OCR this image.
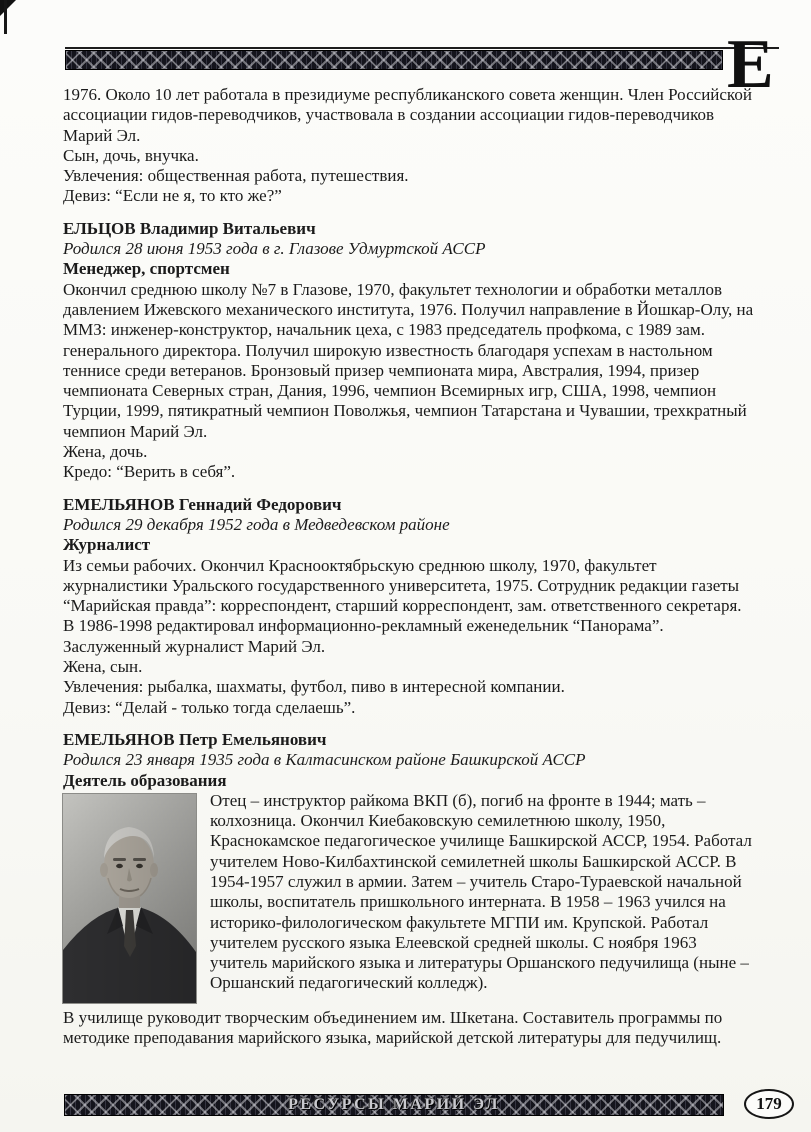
Е

1976. Около 10 лет работала в президиуме республиканского совета женщин. Член Российской ассоциации гидов-переводчиков, участвовала в создании ассоциации гидов-переводчиков Марий Эл.

Сын, дочь, внучка.

Увлечения: общественная работа, путешествия.

Девиз: “Если не я, то кто же?”

ЕЛЬЦОВ Владимир Витальевич

Родился 28 июня 1953 года в г. Глазове Удмуртской АССР

Менеджер, спортсмен

Окончил среднюю школу №7 в Глазове, 1970, факультет технологии и обработки металлов давлением Ижевского механического института, 1976. Получил направление в Йошкар-Олу, на ММЗ: инженер-конструктор, начальник цеха, с 1983 председатель профкома, с 1989 зам. генерального директора. Получил широкую известность благодаря успехам в настольном теннисе среди ветеранов. Бронзовый призер чемпионата мира, Австралия, 1994, призер чемпионата Северных стран, Дания, 1996, чемпион Всемирных игр, США, 1998, чемпион Турции, 1999, пятикратный чемпион Поволжья, чемпион Татарстана и Чувашии, трехкратный чемпион Марий Эл.

Жена, дочь.

Кредо: “Верить в себя”.

ЕМЕЛЬЯНОВ Геннадий Федорович

Родился 29 декабря 1952 года в Медведевском районе

Журналист

Из семьи рабочих. Окончил Краснооктябрьскую среднюю школу, 1970, факультет журналистики Уральского государственного университета, 1975. Сотрудник редакции газеты “Марийская правда”: корреспондент, старший корреспондент, зам. ответственного секретаря. В 1986-1998 редактировал информационно-рекламный еженедельник “Панорама”.

Заслуженный журналист Марий Эл.

Жена, сын.

Увлечения: рыбалка, шахматы, футбол, пиво в интересной компании.

Девиз: “Делай - только тогда сделаешь”.

ЕМЕЛЬЯНОВ Петр Емельянович

Родился 23 января 1935 года в Калтасинском районе Башкирской АССР

Деятель образования

Отец – инструктор райкома ВКП (б), погиб на фронте в 1944; мать – колхозница. Окончил Киебаковскую семилетнюю школу, 1950, Краснокамское педагогическое училище Башкирской АССР, 1954. Работал учителем Ново-Килбахтинской семилетней школы Башкирской АССР. В 1954-1957 служил в армии. Затем – учитель Старо-Тураевской начальной школы, воспитатель пришкольного интерната. В 1958 – 1963 учился на историко-филологическом факультете МГПИ им. Крупской. Работал учителем русского языка Елеевской средней школы. С ноября 1963 учитель марийского языка и литературы Оршанского педучилища (ныне – Оршанский педагогический колледж).

В училище руководит творческим объединением им. Шкетана. Составитель программы по методике преподавания марийского языка, марийской детской литературы для педучилищ.

РЕСУРСЫ МАРИЙ ЭЛ	179
